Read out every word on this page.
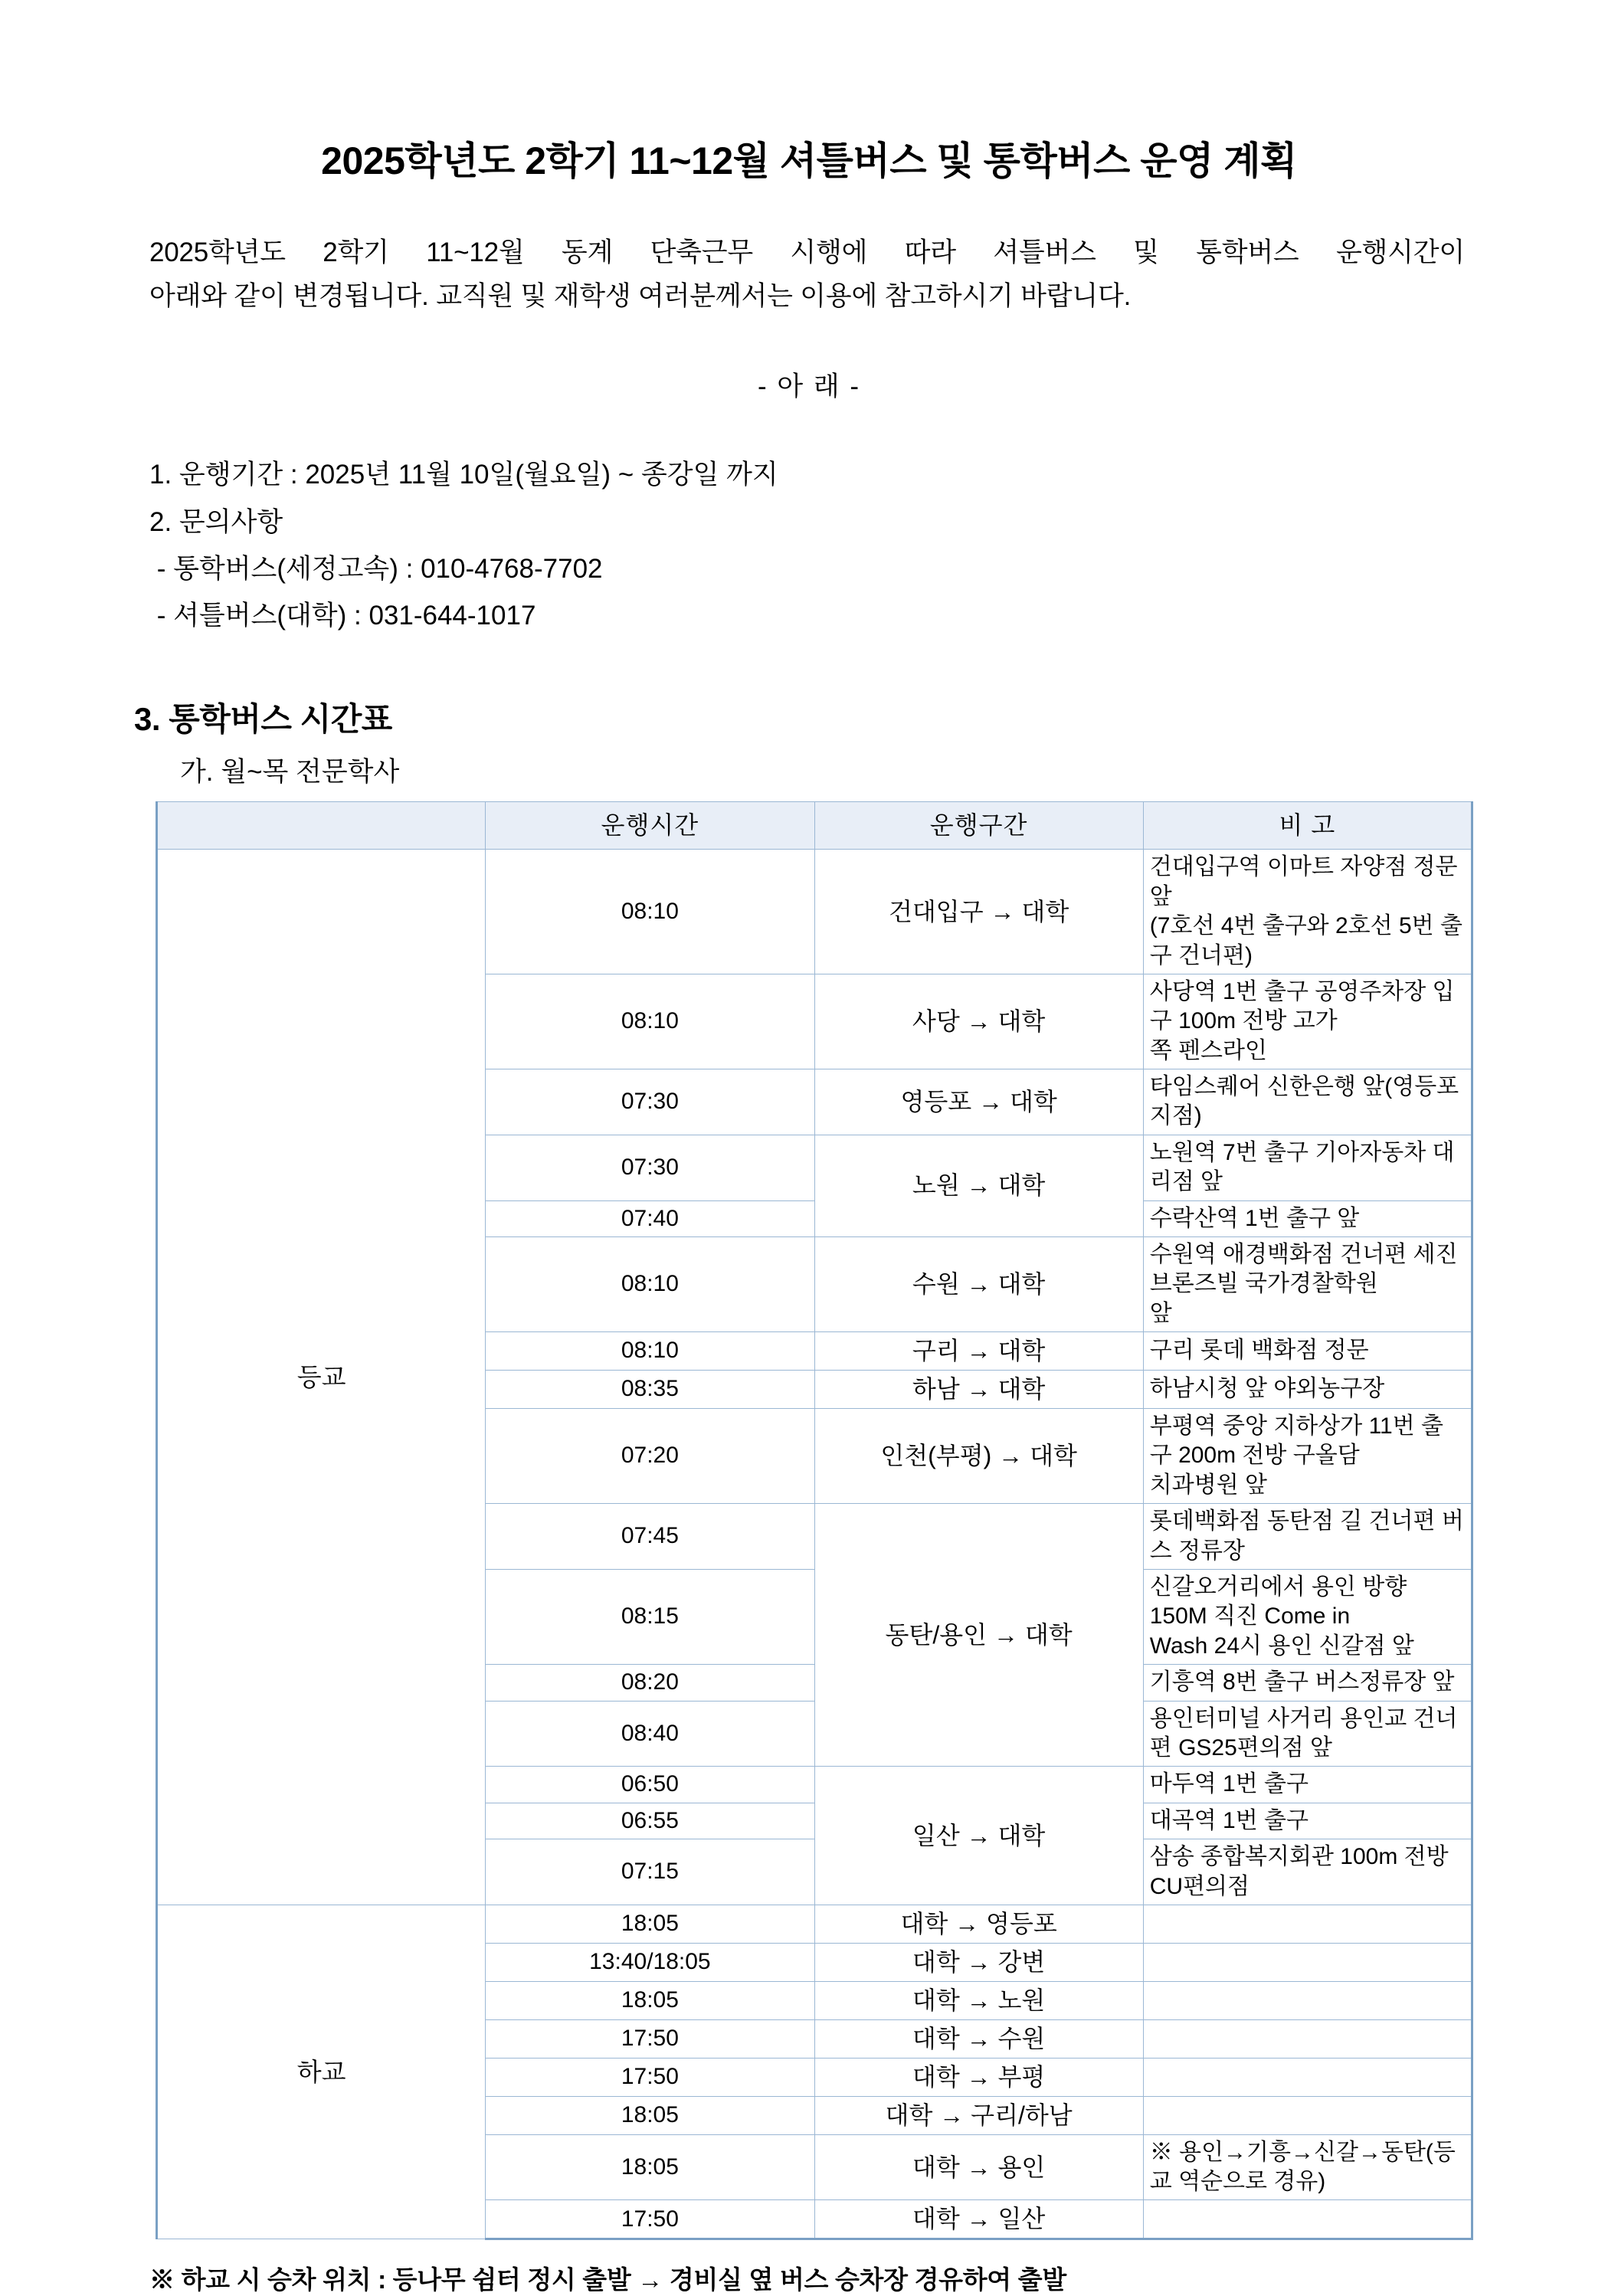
2025학년도 2학기 11~12월 셔틀버스 및 통학버스 운영 계획
2025학년도 2학기 11~12월 동계 단축근무 시행에 따라 셔틀버스 및 통학버스 운행시간이
아래와 같이 변경됩니다. 교직원 및 재학생 여러분께서는 이용에 참고하시기 바랍니다.
- 아 래 -
1. 운행기간 : 2025년 11월 10일(월요일) ~ 종강일 까지
2. 문의사항
- 통학버스(세정고속) : 010-4768-7702
- 셔틀버스(대학) : 031-644-1017
3. 통학버스 시간표
가. 월~목 전문학사
	운행시간	운행구간	비 고
등교	08:10	건대입구 → 대학	건대입구역 이마트 자양점 정문 앞
(7호선 4번 출구와 2호선 5번 출구 건너편)
	08:10	사당 → 대학	사당역 1번 출구 공영주차장 입구 100m 전방 고가
쪽 펜스라인
	07:30	영등포 → 대학	타임스퀘어 신한은행 앞(영등포지점)
	07:30	노원 → 대학	노원역 7번 출구 기아자동차 대리점 앞
	07:40		수락산역 1번 출구 앞
	08:10	수원 → 대학	수원역 애경백화점 건너편 세진브론즈빌 국가경찰학원
앞
	08:10	구리 → 대학	구리 롯데 백화점 정문
	08:35	하남 → 대학	하남시청 앞 야외농구장
	07:20	인천(부평) → 대학	부평역 중앙 지하상가 11번 출구 200m 전방 구올담
치과병원 앞
	07:45	동탄/용인 → 대학	롯데백화점 동탄점 길 건너편 버스 정류장
	08:15		신갈오거리에서 용인 방향 150M 직진 Come in
Wash 24시 용인 신갈점 앞
	08:20		기흥역 8번 출구 버스정류장 앞
	08:40		용인터미널 사거리 용인교 건너편 GS25편의점 앞
	06:50	일산 → 대학	마두역 1번 출구
	06:55		대곡역 1번 출구
	07:15		삼송 종합복지회관 100m 전방 CU편의점
하교	18:05	대학 → 영등포	
	13:40/18:05	대학 → 강변	
	18:05	대학 → 노원	
	17:50	대학 → 수원	
	17:50	대학 → 부평	
	18:05	대학 → 구리/하남	
	18:05	대학 → 용인	※ 용인→기흥→신갈→동탄(등교 역순으로 경유)
	17:50	대학 → 일산	
※ 하교 시 승차 위치 : 등나무 쉼터 정시 출발 → 경비실 옆 버스 승차장 경유하여 출발
